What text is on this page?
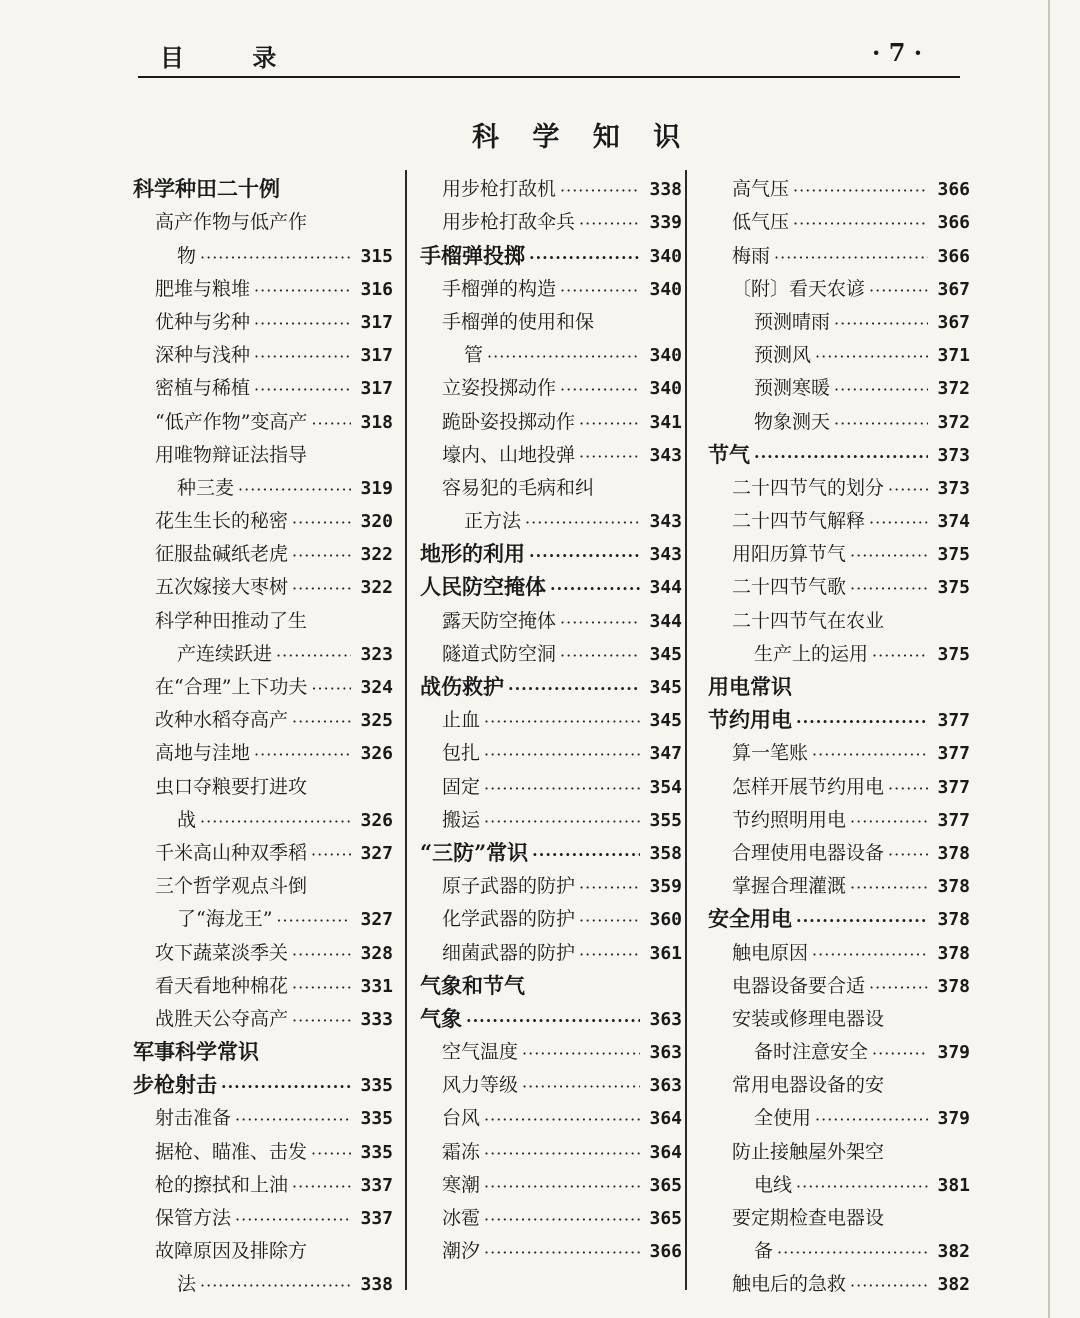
目 录	· 7 ·
科 学 知 识
科学种田二十例
高产作物与低产作
物 ·····	315
肥堆与粮堆 ·····	316
优种与劣种 ·····	317
深种与浅种 ·····	317
密植与稀植 ·····	317
“低产作物”变高产 ·····	318
用唯物辩证法指导
种三麦 ·····	319
花生生长的秘密 ·····	320
征服盐碱纸老虎 ·····	322
五次嫁接大枣树 ·····	322
科学种田推动了生
产连续跃进 ·····	323
在“合理”上下功夫 ·····	324
改种水稻夺高产 ·····	325
高地与洼地 ·····	326
虫口夺粮要打进攻
战 ·····	326
千米高山种双季稻 ·····	327
三个哲学观点斗倒
了“海龙王” ·····	327
攻下蔬菜淡季关 ·····	328
看天看地种棉花 ·····	331
战胜天公夺高产 ·····	333
军事科学常识
步枪射击 ·····	335
射击准备 ·····	335
据枪、瞄准、击发 ·····	335
枪的擦拭和上油 ·····	337
保管方法 ·····	337
故障原因及排除方
法 ·····	338
用步枪打敌机 ·····	338
用步枪打敌伞兵 ·····	339
手榴弹投掷 ·····	340
手榴弹的构造 ·····	340
手榴弹的使用和保
管 ·····	340
立姿投掷动作 ·····	340
跪卧姿投掷动作 ·····	341
壕内、山地投弹 ·····	343
容易犯的毛病和纠
正方法 ·····	343
地形的利用 ·····	343
人民防空掩体 ·····	344
露天防空掩体 ·····	344
隧道式防空洞 ·····	345
战伤救护 ·····	345
止血 ·····	345
包扎 ·····	347
固定 ·····	354
搬运 ·····	355
“三防”常识 ·····	358
原子武器的防护 ·····	359
化学武器的防护 ·····	360
细菌武器的防护 ·····	361
气象和节气
气象 ·····	363
空气温度 ·····	363
风力等级 ·····	363
台风 ·····	364
霜冻 ·····	364
寒潮 ·····	365
冰雹 ·····	365
潮汐 ·····	366
高气压 ·····	366
低气压 ·····	366
梅雨 ·····	366
〔附〕看天农谚 ·····	367
预测晴雨 ·····	367
预测风 ·····	371
预测寒暖 ·····	372
物象测天 ·····	372
节气 ·····	373
二十四节气的划分 ·····	373
二十四节气解释 ·····	374
用阳历算节气 ·····	375
二十四节气歌 ·····	375
二十四节气在农业
生产上的运用 ·····	375
用电常识
节约用电 ·····	377
算一笔账 ·····	377
怎样开展节约用电 ·····	377
节约照明用电 ·····	377
合理使用电器设备 ·····	378
掌握合理灌溉 ·····	378
安全用电 ·····	378
触电原因 ·····	378
电器设备要合适 ·····	378
安装或修理电器设
备时注意安全 ·····	379
常用电器设备的安
全使用 ·····	379
防止接触屋外架空
电线 ·····	381
要定期检查电器设
备 ·····	382
触电后的急救 ·····	382
